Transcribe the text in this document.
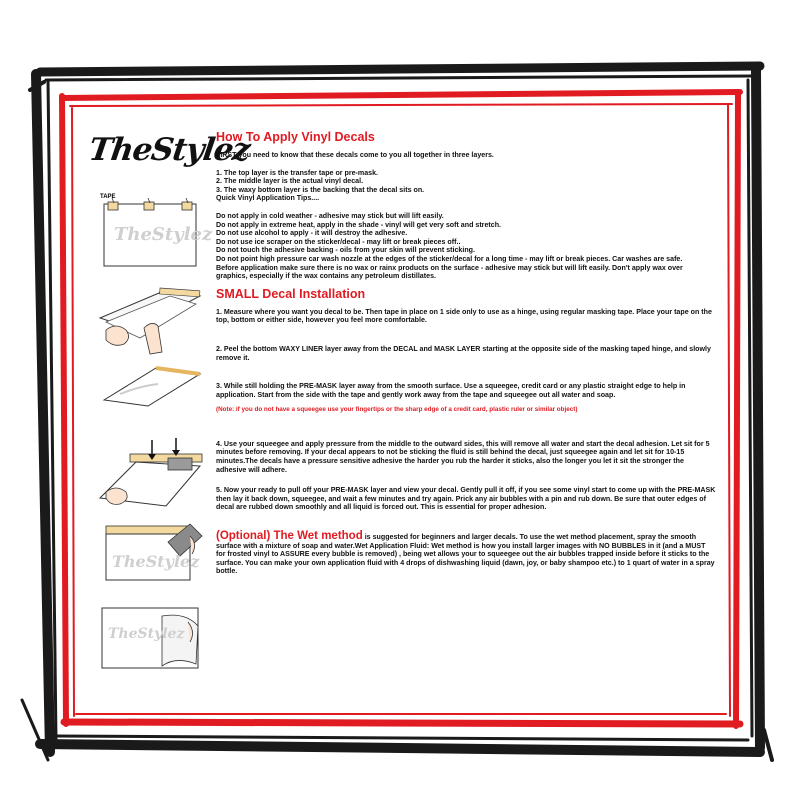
TheStylez
TAPE
TheStylez
TheStylez
TheStylez
How To Apply Vinyl Decals

FIRST you need to know that these decals come to you all together in three layers.

1. The top layer is the transfer tape or pre-mask.

2. The middle layer is the actual vinyl decal.

3. The waxy bottom layer is the backing that the decal sits on.

Quick Vinyl Application Tips....

Do not apply in cold weather - adhesive may stick but will lift easily.

Do not apply in extreme heat, apply in the shade - vinyl will get very soft and stretch.

Do not use alcohol to apply - it will destroy the adhesive.

Do not use ice scraper on the sticker/decal - may lift or break pieces off..

Do not touch the adhesive backing - oils from your skin will prevent sticking.

Do not point high pressure car wash nozzle at the edges of the sticker/decal for a long time - may lift or break pieces. Car washes are safe.

Before application make sure there is no wax or rainx products on the surface - adhesive may stick but will lift easily. Don't apply wax over graphics, especially if the wax contains any petroleum distillates.

SMALL Decal Installation

1. Measure where you want you decal to be. Then tape in place on 1 side only to use as a hinge, using regular masking tape. Place your tape on the top, bottom or either side, however you feel more comfortable.

2. Peel the bottom WAXY LINER layer away from the DECAL and MASK LAYER starting at the opposite side of the masking taped hinge, and slowly remove it.

3. While still holding the PRE-MASK layer away from the smooth surface. Use a squeegee, credit card or any plastic straight edge to help in application. Start from the side with the tape and gently work away from the tape and squeegee out all water and soap.

(Note: if you do not have a squeegee use your fingertips or the sharp edge of a credit card, plastic ruler or similar object)

4. Use your squeegee and apply pressure from the middle to the outward sides, this will remove all water and start the decal adhesion. Let sit for 5 minutes before removing. If your decal appears to not be sticking the fluid is still behind the decal, just squeegee again and let sit for 10-15 minutes.The decals have a pressure sensitive adhesive the harder you rub the harder it sticks, also the longer you let it sit the stronger the adhesive will adhere.

5. Now your ready to pull off your PRE-MASK layer and view your decal. Gently pull it off, if you see some vinyl start to come up with the PRE-MASK then lay it back down, squeegee, and wait a few minutes and try again. Prick any air bubbles with a pin and rub down. Be sure that outer edges of decal are rubbed down smoothly and all liquid is forced out. This is essential for proper adhesion.

(Optional) The Wet method is suggested for beginners and larger decals. To use the wet method placement, spray the smooth surface with a mixture of soap and water.Wet Application Fluid: Wet method is how you install larger images with NO BUBBLES in it (and a MUST for frosted vinyl to ASSURE every bubble is removed) , being wet allows your to squeegee out the air bubbles trapped inside before it sticks to the surface. You can make your own application fluid with 4 drops of dishwashing liquid (dawn, joy, or baby shampoo etc.) to 1 quart of water in a spray bottle.
